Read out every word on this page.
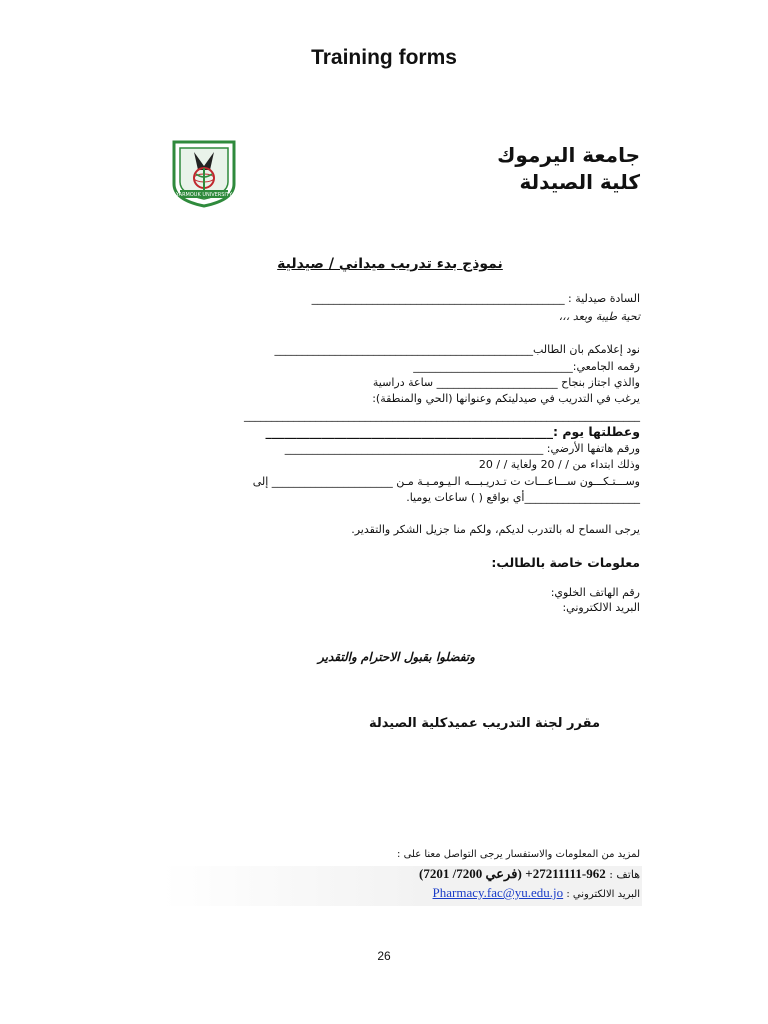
Training forms
YARMOUK UNIVERSITY
جامعة اليرموك
كلية الصيدلة
نموذج بدء تدريب ميداني / صيدلية
السادة صيدلية : ______________________________________________
تحية طيبة وبعد ،،،
نود إعلامكم بان الطالب_______________________________________________
رقمه الجامعي:_____________________________
والذي اجتاز بنجاح ______________________ ساعة دراسية
يرغب في التدريب في صيدليتكم وعنوانها (الحي والمنطقة):
________________________________________________________________________
وعطلتها يوم :______________________________________________
ورقم هاتفها الأرضي: _______________________________________________
وذلك ابتداء من / / 20 ولغاية / / 20
وســـتـكـــون ســـاعـــات ت تـدريـبـــه الـيـومـيـة مـن ______________________ إلى
_____________________أي بواقع ( ) ساعات يوميا.
يرجى السماح له بالتدرب لديكم، ولكم منا جزيل الشكر والتقدير.
معلومات خاصة بالطالب:
رقم الهاتف الخلوي:
البريد الالكتروني:
وتفضلوا بقبول الاحترام والتقدير
مقرر لجنة التدريب عميدكلية الصيدلة
لمزيد من المعلومات والاستفسار يرجى التواصل معنا على :
هاتف : 962-27211111+ (فرعي 7200/ 7201)
البريد الالكتروني : Pharmacy.fac@yu.edu.jo
26
